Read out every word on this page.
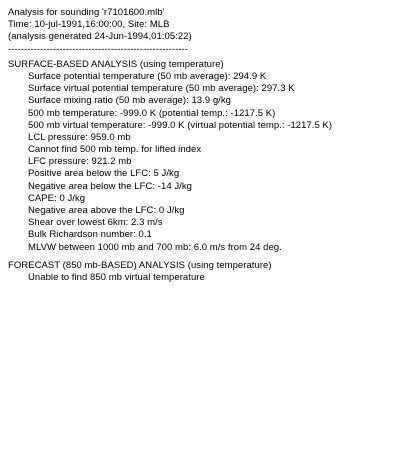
Analysis for sounding 'r7101600.mlb'
Time: 10-jul-1991,16:00:00, Site: MLB
(analysis generated 24-Jun-1994,01:05:22)
--------------------------------------------------------
SURFACE-BASED ANALYSIS (using temperature)
Surface potential temperature (50 mb average): 294.9 K
Surface virtual potential temperature (50 mb average): 297.3 K
Surface mixing ratio (50 mb average): 13.9 g/kg
500 mb temperature: -999.0 K (potential temp.: -1217.5 K)
500 mb virtual temperature: -999.0 K (virtual potential temp.: -1217.5 K)
LCL pressure: 959.0 mb
Cannot find 500 mb temp. for lifted index
LFC pressure: 921.2 mb
Positive area below the LFC: 5 J/kg
Negative area below the LFC: -14 J/kg
CAPE: 0 J/kg
Negative area above the LFC: 0 J/kg
Shear over lowest 6km: 2.3 m/s
Bulk Richardson number: 0.1
MLVW between 1000 mb and 700 mb: 6.0 m/s from 24 deg.
FORECAST (850 mb-BASED) ANALYSIS (using temperature)
Unable to find 850 mb virtual temperature
